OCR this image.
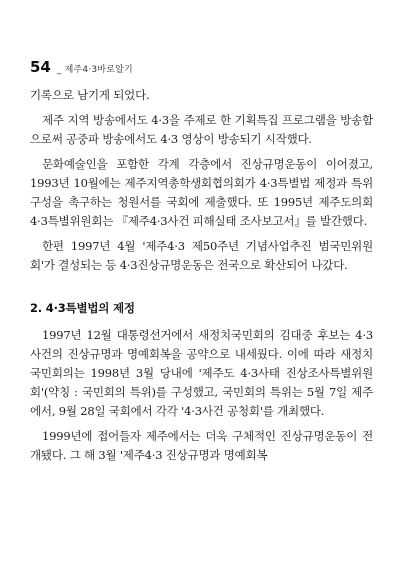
54 _ 제주4·3바로알기

기록으로 남기게 되었다.

제주 지역 방송에서도 4·3을 주제로 한 기획특집 프로그램을 방송함으로써 공중파 방송에서도 4·3 영상이 방송되기 시작했다.

문화예술인을 포함한 각계 각층에서 진상규명운동이 이어졌고, 1993년 10월에는 제주지역총학생회협의회가 4·3특별법 제정과 특위 구성을 촉구하는 청원서를 국회에 제출했다. 또 1995년 제주도의회 4·3특별위원회는 『제주4·3사건 피해실태 조사보고서』를 발간했다.

한편 1997년 4월 '제주4·3 제50주년 기념사업추진 범국민위원회'가 결성되는 등 4·3진상규명운동은 전국으로 확산되어 나갔다.

2. 4·3특별법의 제정

1997년 12월 대통령선거에서 새정치국민회의 김대중 후보는 4·3사건의 진상규명과 명예회복을 공약으로 내세웠다. 이에 따라 새정치국민회의는 1998년 3월 당내에 '제주도 4·3사태 진상조사특별위원회'(약칭 : 국민회의 특위)를 구성했고, 국민회의 특위는 5월 7일 제주에서, 9월 28일 국회에서 각각 '4·3사건 공청회'를 개최했다.

1999년에 접어들자 제주에서는 더욱 구체적인 진상규명운동이 전개됐다. 그 해 3월 '제주4·3 진상규명과 명예회복
